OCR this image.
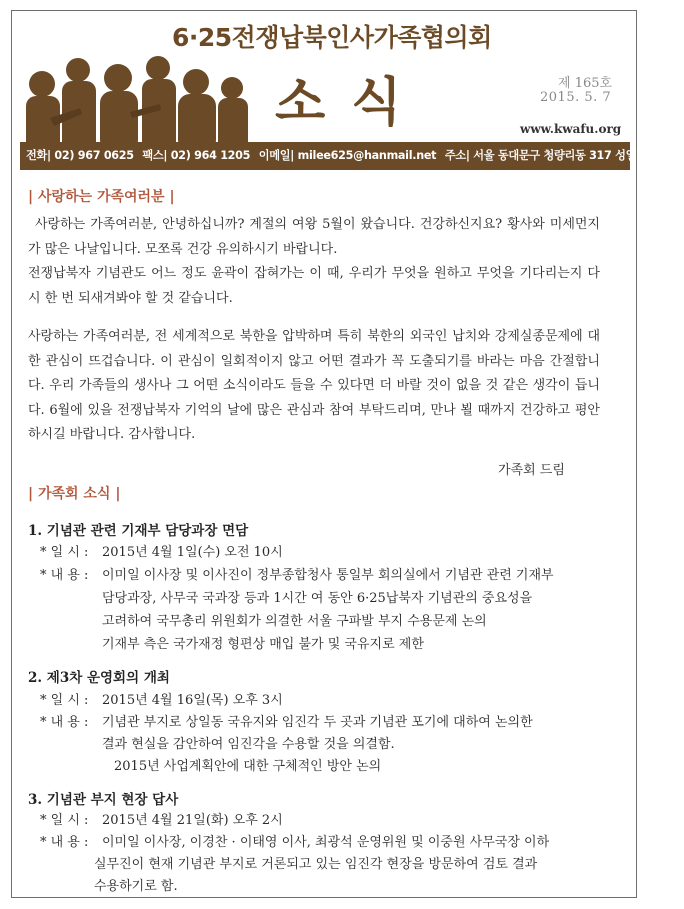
6·25전쟁납북인사가족협의회
소식	제 165호
2015. 5. 7
www.kwafu.org
전화| 02) 967 0625 팩스| 02) 964 1205 이메일| milee625@hanmail.net 주소| 서울 동대문구 청량리동 317 성일빌딩 2층
| 사랑하는 가족여러분 |

사랑하는 가족여러분, 안녕하십니까? 계절의 여왕 5월이 왔습니다. 건강하신지요? 황사와 미세먼지가 많은 나날입니다. 모쪼록 건강 유의하시기 바랍니다.

전쟁납북자 기념관도 어느 정도 윤곽이 잡혀가는 이 때, 우리가 무엇을 원하고 무엇을 기다리는지 다시 한 번 되새겨봐야 할 것 같습니다.

사랑하는 가족여러분, 전 세계적으로 북한을 압박하며 특히 북한의 외국인 납치와 강제실종문제에 대한 관심이 뜨겁습니다. 이 관심이 일회적이지 않고 어떤 결과가 꼭 도출되기를 바라는 마음 간절합니다. 우리 가족들의 생사나 그 어떤 소식이라도 들을 수 있다면 더 바랄 것이 없을 것 같은 생각이 듭니다. 6월에 있을 전쟁납북자 기억의 날에 많은 관심과 참여 부탁드리며, 만나 뵐 때까지 건강하고 평안하시길 바랍니다. 감사합니다.

가족회 드림
| 가족회 소식 |
1. 기념관 관련 기재부 담당과장 면담
* 일 시 : 2015년 4월 1일(수) 오전 10시
* 내 용 : 이미일 이사장 및 이사진이 정부종합청사 통일부 회의실에서 기념관 관련 기재부
담당과장, 사무국 국과장 등과 1시간 여 동안 6·25납북자 기념관의 중요성을
고려하여 국무총리 위원회가 의결한 서울 구파발 부지 수용문제 논의
기재부 측은 국가재정 형편상 매입 불가 및 국유지로 제한
2. 제3차 운영회의 개최
* 일 시 : 2015년 4월 16일(목) 오후 3시
* 내 용 : 기념관 부지로 상일동 국유지와 임진각 두 곳과 기념관 포기에 대하여 논의한
결과 현실을 감안하여 임진각을 수용할 것을 의결함.
2015년 사업계획안에 대한 구체적인 방안 논의
3. 기념관 부지 현장 답사
* 일 시 : 2015년 4월 21일(화) 오후 2시
* 내 용 : 이미일 이사장, 이경찬 · 이태영 이사, 최광석 운영위원 및 이중원 사무국장 이하
실무진이 현재 기념관 부지로 거론되고 있는 임진각 현장을 방문하여 검토 결과
수용하기로 함.
